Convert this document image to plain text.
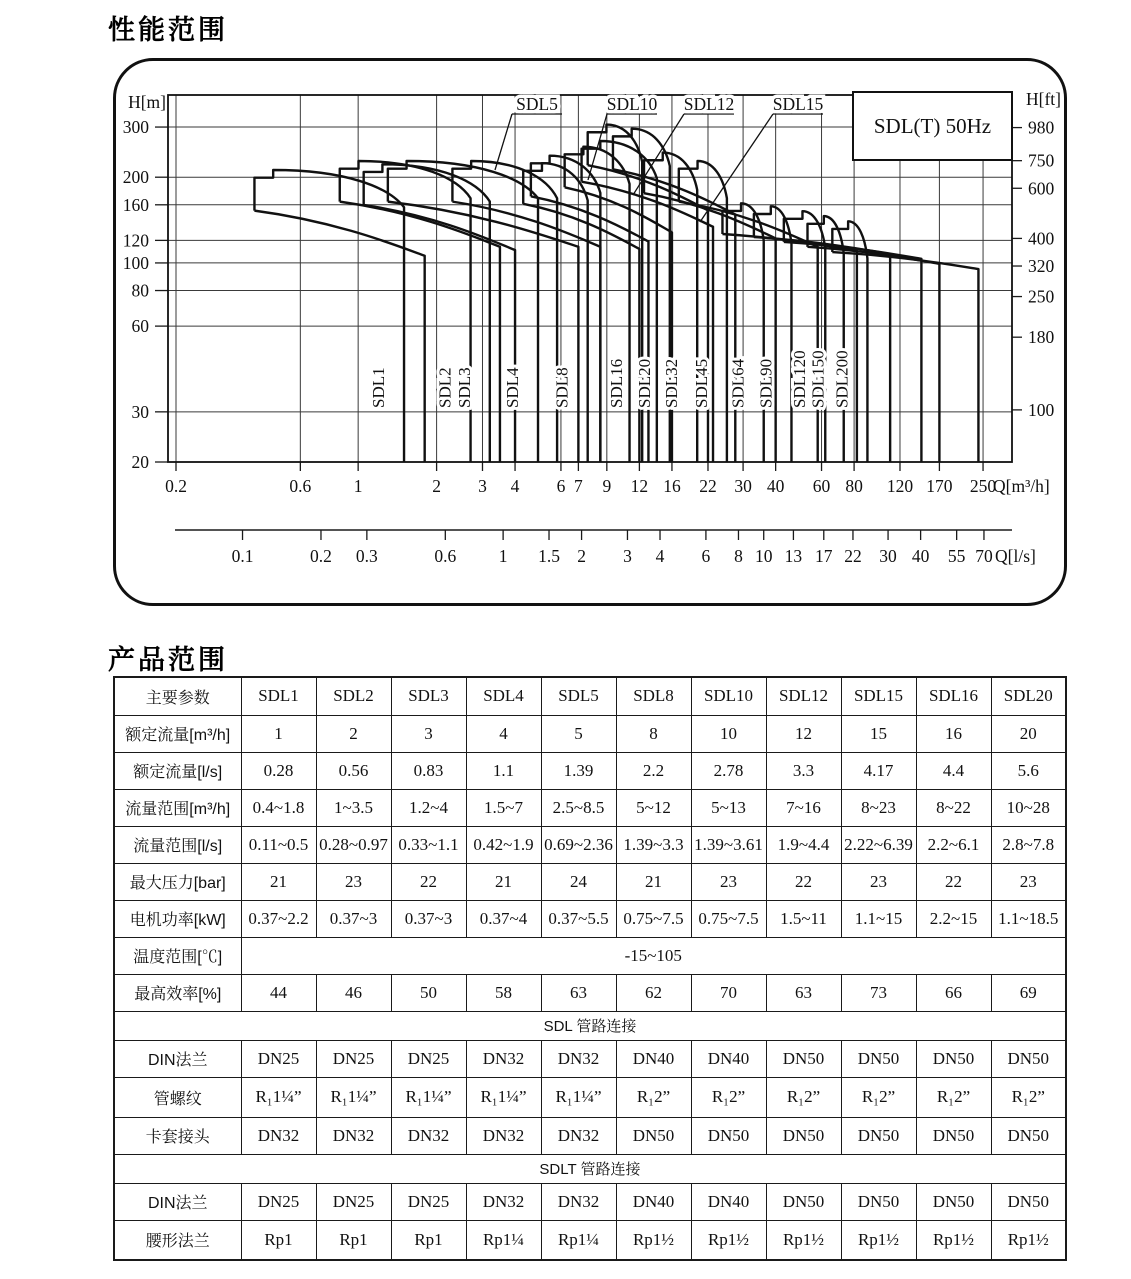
性能范围
20
30
60
80
100
120
160
200
300
0.2	0.6 1	2 3 4 6 7 9 12 16 22 30 40 60 80 120 170 250
100
180
250
320
400
600
750
980
0.1	0.2 0.3	0.6 1 1.5 2 3 4 6 8 10 13 17 22 30 40 55 70
H[m]	H[ft]
Q[m³/h]
Q[l/s]
SDL1	SDL2 SDL3 SDL4 SDL8 SDL16 SDL20 SDL32 SDL45 SDL64 SDL90 SDL120 SDL150 SDL200
SDL5	SDL10 SDL12 SDL15
SDL(T) 50Hz
产品范围
主要参数	SDL1	SDL2	SDL3	SDL4	SDL5	SDL8	SDL10	SDL12	SDL15	SDL16	SDL20
额定流量[m³/h]	1	2	3	4	5	8	10	12	15	16	20
额定流量[l/s]	0.28	0.56	0.83	1.1	1.39	2.2	2.78	3.3	4.17	4.4	5.6
流量范围[m³/h]	0.4~1.8	1~3.5	1.2~4	1.5~7	2.5~8.5	5~12	5~13	7~16	8~23	8~22	10~28
流量范围[l/s]	0.11~0.5	0.28~0.97	0.33~1.1	0.42~1.9	0.69~2.36	1.39~3.3	1.39~3.61	1.9~4.4	2.22~6.39	2.2~6.1	2.8~7.8
最大压力[bar]	21	23	22	21	24	21	23	22	23	22	23
电机功率[kW]	0.37~2.2	0.37~3	0.37~3	0.37~4	0.37~5.5	0.75~7.5	0.75~7.5	1.5~11	1.1~15	2.2~15	1.1~18.5
温度范围[℃]	-15~105										
最高效率[%]	44	46	50	58	63	62	70	63	73	66	69
SDL 管路连接											
DIN法兰	DN25	DN25	DN25	DN32	DN32	DN40	DN40	DN50	DN50	DN50	DN50
管螺纹	R₁1¼”	R₁1¼”	R₁1¼”	R₁1¼”	R₁1¼”	R₁2”	R₁2”	R₁2”	R₁2”	R₁2”	R₁2”
卡套接头	DN32	DN32	DN32	DN32	DN32	DN50	DN50	DN50	DN50	DN50	DN50
SDLT 管路连接											
DIN法兰	DN25	DN25	DN25	DN32	DN32	DN40	DN40	DN50	DN50	DN50	DN50
腰形法兰	Rp1	Rp1	Rp1	Rp1¼	Rp1¼	Rp1½	Rp1½	Rp1½	Rp1½	Rp1½	Rp1½
